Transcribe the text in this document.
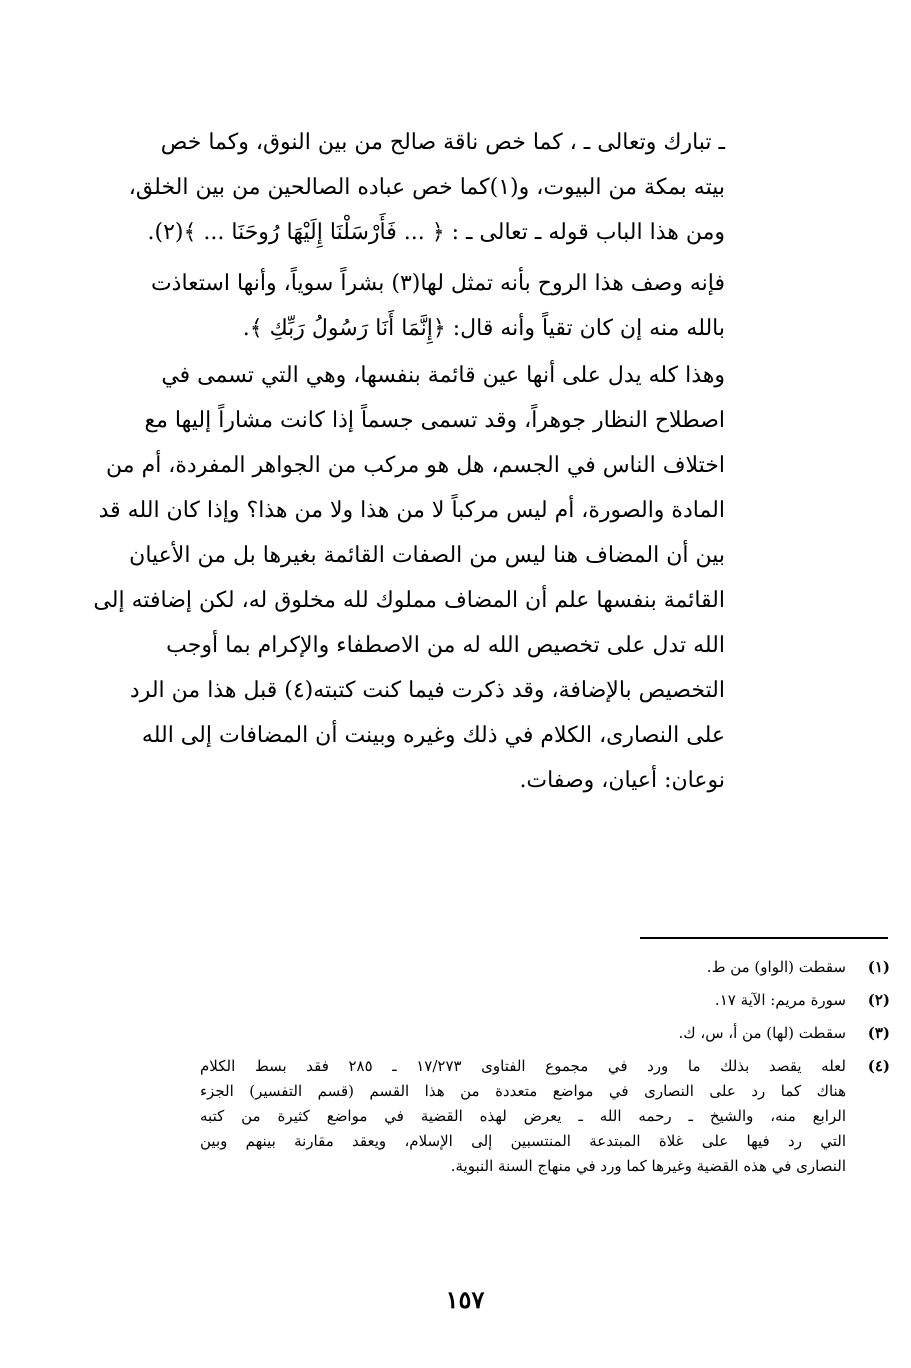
ـ تبارك وتعالى ـ ، كما خص ناقة صالح من بين النوق، وكما خص
بيته بمكة من البيوت، و(١)كما خص عباده الصالحين من بين الخلق،
ومن هذا الباب قوله ـ تعالى ـ : ﴿ ... فَأَرْسَلْنَا إِلَيْهَا رُوحَنَا ... ﴾(٢).
فإنه وصف هذا الروح بأنه تمثل لها(٣) بشراً سوياً، وأنها استعاذت
بالله منه إن كان تقياً وأنه قال: ﴿إِنَّمَا أَنَا رَسُولُ رَبِّكِ ﴾.
وهذا كله يدل على أنها عين قائمة بنفسها، وهي التي تسمى في
اصطلاح النظار جوهراً، وقد تسمى جسماً إذا كانت مشاراً إليها مع
اختلاف الناس في الجسم، هل هو مركب من الجواهر المفردة، أم من
المادة والصورة، أم ليس مركباً لا من هذا ولا من هذا؟ وإذا كان الله قد
بين أن المضاف هنا ليس من الصفات القائمة بغيرها بل من الأعيان
القائمة بنفسها علم أن المضاف مملوك لله مخلوق له، لكن إضافته إلى
الله تدل على تخصيص الله له من الاصطفاء والإكرام بما أوجب
التخصيص بالإضافة، وقد ذكرت فيما كنت كتبته(٤) قبل هذا من الرد
على النصارى، الكلام في ذلك وغيره وبينت أن المضافات إلى الله
نوعان: أعيان، وصفات.
(١)
سقطت (الواو) من ط.
(٢)
سورة مريم: الآية ١٧.
(٣)
سقطت (لها) من أ، س، ك.
(٤)
لعله يقصد بذلك ما ورد في مجموع الفتاوى ١٧/٢٧٣ ـ ٢٨٥ فقد بسط الكلام
هناك كما رد على النصارى في مواضع متعددة من هذا القسم (قسم التفسير) الجزء
الرابع منه، والشيخ ـ رحمه الله ـ يعرض لهذه القضية في مواضع كثيرة من كتبه
التي رد فيها على غلاة المبتدعة المنتسبين إلى الإسلام، ويعقد مقارنة بينهم وبين
النصارى في هذه القضية وغيرها كما ورد في منهاج السنة النبوية.
١٥٧
